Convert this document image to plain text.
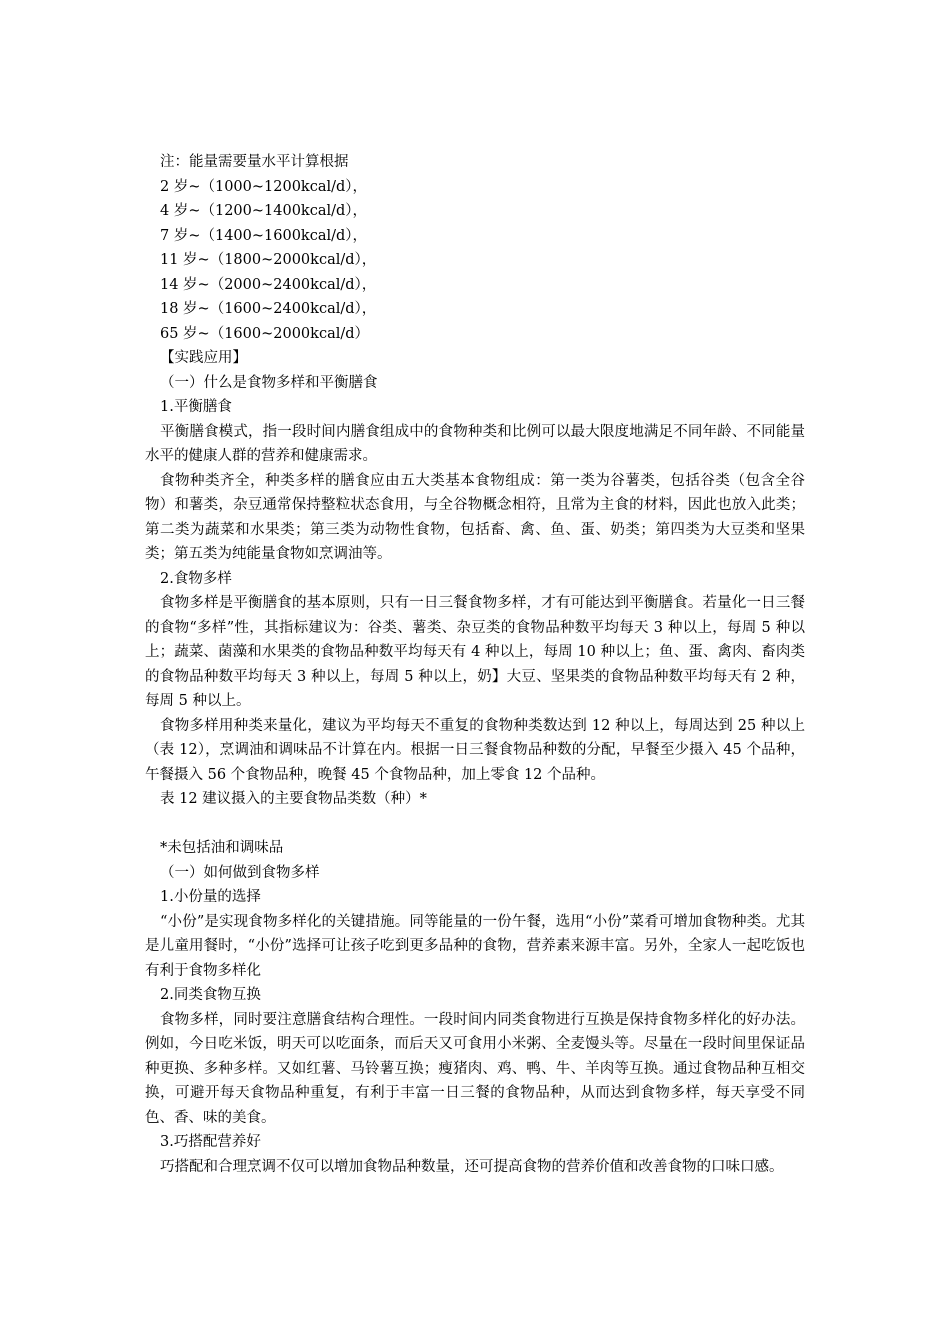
注：能量需要量水平计算根据
2 岁~（1000~1200kcal/d），
4 岁~（1200~1400kcal/d），
7 岁~（1400~1600kcal/d），
11 岁~（1800~2000kcal/d），
14 岁~（2000~2400kcal/d），
18 岁~（1600~2400kcal/d），
65 岁~（1600~2000kcal/d）
【实践应用】
（一）什么是食物多样和平衡膳食
1.平衡膳食
平衡膳食模式，指一段时间内膳食组成中的食物种类和比例可以最大限度地满足不同年龄、不同能量水平的健康人群的营养和健康需求。
食物种类齐全，种类多样的膳食应由五大类基本食物组成：第一类为谷薯类，包括谷类（包含全谷物）和薯类，杂豆通常保持整粒状态食用，与全谷物概念相符，且常为主食的材料，因此也放入此类；第二类为蔬菜和水果类；第三类为动物性食物，包括畜、禽、鱼、蛋、奶类；第四类为大豆类和坚果类；第五类为纯能量食物如烹调油等。
2.食物多样
食物多样是平衡膳食的基本原则，只有一日三餐食物多样，才有可能达到平衡膳食。若量化一日三餐的食物“多样”性，其指标建议为：谷类、薯类、杂豆类的食物品种数平均每天 3 种以上，每周 5 种以上；蔬菜、菌藻和水果类的食物品种数平均每天有 4 种以上，每周 10 种以上；鱼、蛋、禽肉、畜肉类的食物品种数平均每天 3 种以上，每周 5 种以上，奶】大豆、坚果类的食物品种数平均每天有 2 种，每周 5 种以上。
食物多样用种类来量化，建议为平均每天不重复的食物种类数达到 12 种以上，每周达到 25 种以上（表 12），烹调油和调味品不计算在内。根据一日三餐食物品种数的分配，早餐至少摄入 45 个品种，午餐摄入 56 个食物品种，晚餐 45 个食物品种，加上零食 12 个品种。
表 12 建议摄入的主要食物品类数（种）*
*未包括油和调味品
（一）如何做到食物多样
1.小份量的选择
“小份”是实现食物多样化的关键措施。同等能量的一份午餐，选用“小份”菜肴可增加食物种类。尤其是儿童用餐时，“小份”选择可让孩子吃到更多品种的食物，营养素来源丰富。另外，全家人一起吃饭也有利于食物多样化
2.同类食物互换
食物多样，同时要注意膳食结构合理性。一段时间内同类食物进行互换是保持食物多样化的好办法。例如，今日吃米饭，明天可以吃面条，而后天又可食用小米粥、全麦馒头等。尽量在一段时间里保证品种更换、多种多样。又如红薯、马铃薯互换；瘦猪肉、鸡、鸭、牛、羊肉等互换。通过食物品种互相交换，可避开每天食物品种重复，有利于丰富一日三餐的食物品种，从而达到食物多样，每天享受不同色、香、味的美食。
3.巧搭配营养好
巧搭配和合理烹调不仅可以增加食物品种数量，还可提高食物的营养价值和改善食物的口味口感。
